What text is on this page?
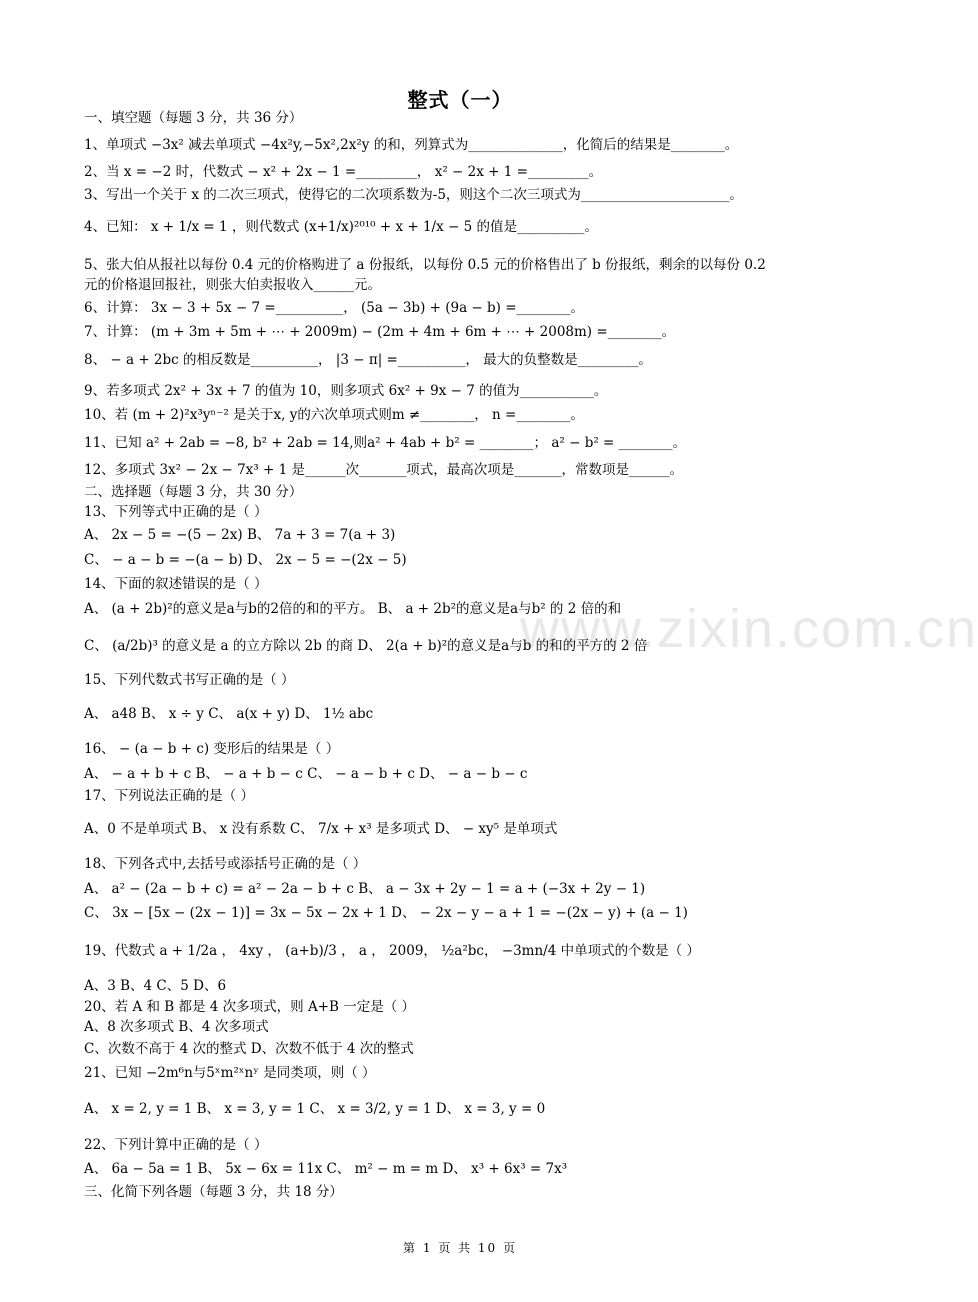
www.zixin.com.cn
整式（一）
一、填空题（每题 3 分，共 36 分）
二、选择题（每题 3 分，共 30 分）
三、化简下列各题（每题 3 分，共 18 分）
1、单项式 −3x² 减去单项式 −4x²y,−5x²,2x²y 的和，列算式为______________，化简后的结果是________。
2、当 x = −2 时，代数式 − x² + 2x − 1 =_________， x² − 2x + 1 =_________。
3、写出一个关于 x 的二次三项式，使得它的二次项系数为-5，则这个二次三项式为______________________。
4、已知： x + 1/x = 1 ，则代数式 (x+1/x)²⁰¹⁰ + x + 1/x − 5 的值是__________。
5、张大伯从报社以每份 0.4 元的价格购进了 a 份报纸，以每份 0.5 元的价格售出了 b 份报纸，剩余的以每份 0.2
元的价格退回报社，则张大伯卖报收入______元。
6、计算： 3x − 3 + 5x − 7 =__________， (5a − 3b) + (9a − b) =________。
7、计算： (m + 3m + 5m + ⋯ + 2009m) − (2m + 4m + 6m + ⋯ + 2008m) =________。
8、 − a + 2bc 的相反数是__________， |3 − π| =__________， 最大的负整数是_________。
9、若多项式 2x² + 3x + 7 的值为 10，则多项式 6x² + 9x − 7 的值为___________。
10、若 (m + 2)²x³yⁿ⁻² 是关于x, y的六次单项式则m ≠________， n =________。
11、已知 a² + 2ab = −8, b² + 2ab = 14,则a² + 4ab + b² = ________； a² − b² = ________。
12、多项式 3x² − 2x − 7x³ + 1 是______次_______项式，最高次项是_______，常数项是______。
13、下列等式中正确的是（ ）
A、 2x − 5 = −(5 − 2x) B、 7a + 3 = 7(a + 3)
C、 − a − b = −(a − b) D、 2x − 5 = −(2x − 5)
14、下面的叙述错误的是（ ）
A、 (a + 2b)²的意义是a与b的2倍的和的平方。 B、 a + 2b²的意义是a与b² 的 2 倍的和
C、 (a/2b)³ 的意义是 a 的立方除以 2b 的商 D、 2(a + b)²的意义是a与b 的和的平方的 2 倍
15、下列代数式书写正确的是（ ）
A、 a48 B、 x ÷ y C、 a(x + y) D、 1½ abc
16、 − (a − b + c) 变形后的结果是（ ）
A、 − a + b + c B、 − a + b − c C、 − a − b + c D、 − a − b − c
17、下列说法正确的是（ ）
A、0 不是单项式 B、 x 没有系数 C、 7/x + x³ 是多项式 D、 − xy⁵ 是单项式
18、下列各式中,去括号或添括号正确的是（ ）
A、 a² − (2a − b + c) = a² − 2a − b + c B、 a − 3x + 2y − 1 = a + (−3x + 2y − 1)
C、 3x − [5x − (2x − 1)] = 3x − 5x − 2x + 1 D、 − 2x − y − a + 1 = −(2x − y) + (a − 1)
19、代数式 a + 1/2a ， 4xy ， (a+b)/3 ， a ， 2009， ½a²bc， −3mn/4 中单项式的个数是（ ）
A、3 B、4 C、5 D、6
20、若 A 和 B 都是 4 次多项式，则 A+B 一定是（ ）
A、8 次多项式 B、4 次多项式
C、次数不高于 4 次的整式 D、次数不低于 4 次的整式
21、已知 −2m⁶n与5ˣm²ˣnʸ 是同类项，则（ ）
A、 x = 2, y = 1 B、 x = 3, y = 1 C、 x = 3/2, y = 1 D、 x = 3, y = 0
22、下列计算中正确的是（ ）
A、 6a − 5a = 1 B、 5x − 6x = 11x C、 m² − m = m D、 x³ + 6x³ = 7x³
第 1 页 共 10 页
